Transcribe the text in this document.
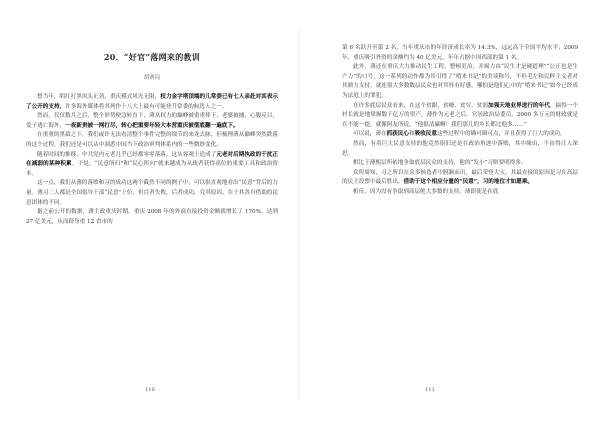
20．“好官”落网来的教训
胡赛局

想当年，唱红打黑风头正劲，重庆模式风光无限，权力金字塔顶端的儿常委已有七人亲赴对其表示了公开的支持，许多海外媒体将其列作十八大上最有可能登升常委的候选人之一。

然而，仅仅数月之后，整个形势便急转直下，薄从权力的巅峰被重重摔下，老婆被捕，心腹反目，爱子逃亡海外，一夜新贵被一网打尽，转心把重要年轻大本营重庆被彻底翻一遍底下。

在重重的黑幕之下，我们或许无法看清整个事件完整的细节的来龙去脉，但梳理薄从巅峰突然跌落的这个过程，我们还是可以从中洞悉中国当下政治审判体系内的一些微妙变化。

随着时间的推移，中共党内元老几乎已经都零零落落，这从客观上造成了元老对后期执政的干扰正在减弱的某种积累。于是，“民意所归”和“民心所向”就来越成为从政者获得高位的重要工具和政治资本。

这一点，我们从薄的落败和习的成功这两个截然不同的例子中，可以很直观地看出“民意”背后的力量。薄习二人都是全国倡导干部“民意”上位，但目者失败，后者成功，究其原因，在于其各自借助的民意团体的不同。

据之前公开的数据，薄主政重庆时期，重庆 2008 年的外商直接投资金额就增长了 170%，达到 27 亿美元，从而跻身重 12 省市的

110

第 6 名跃升至第 2 名，当年重庆市的年经济成长率为 14.3%，远远高于全国平均水平；2009 年，重庆吸引外资的金额约为 40 亿美元，年年占据中国西部的第 1 名。

此外，薄还在重庆大力推动民生工程，整顿吏治，并竭力由“民生才是硬道理”“公正也是生产力”的口号，这一系列的动作都为其引得了“啃来书记”的美谈称号，不但毛左和民粹主义者对其鼎力支持，就连很大多数数层民众也对其怀有好感，哪怕是他们心中的“啃来书记”如今已经成为法庭上的罪犯。

在许多底层民众看来，在这个贫跟、贫瘠、贫穷、贫弱加强天地业界进行的年代，搞得一个村长就是地掌握数千亿万的资产，薄作为元老之后，官居政治局委员，2000 多万元的财政就是在不能一提，就像阿友所说，“他很清廉啊！我们那儿的乡长都比他多……”

可以说，薄在抓获民心和吸收民意这些过程中的确可圈可点，并且获得了巨大的成功。

然而，有着巨大民意支持的他竟然很旧还是在政治角逐中落败，其中缘由，不由得让人深思。

相比于薄熙层所依地争取底层民众的支持，他的“发小”习则要明得多。

众所周知，习之所以在众多候选者中脱颖而出，最后荣登大宝，其最直接的原因是习在高层的民主投票中最后胜出，借助于这个相应分量的“民意”，习的地位才如愿乘。

相反，因为没有争取到高层绝大多数的支持，薄即使是在底

111
